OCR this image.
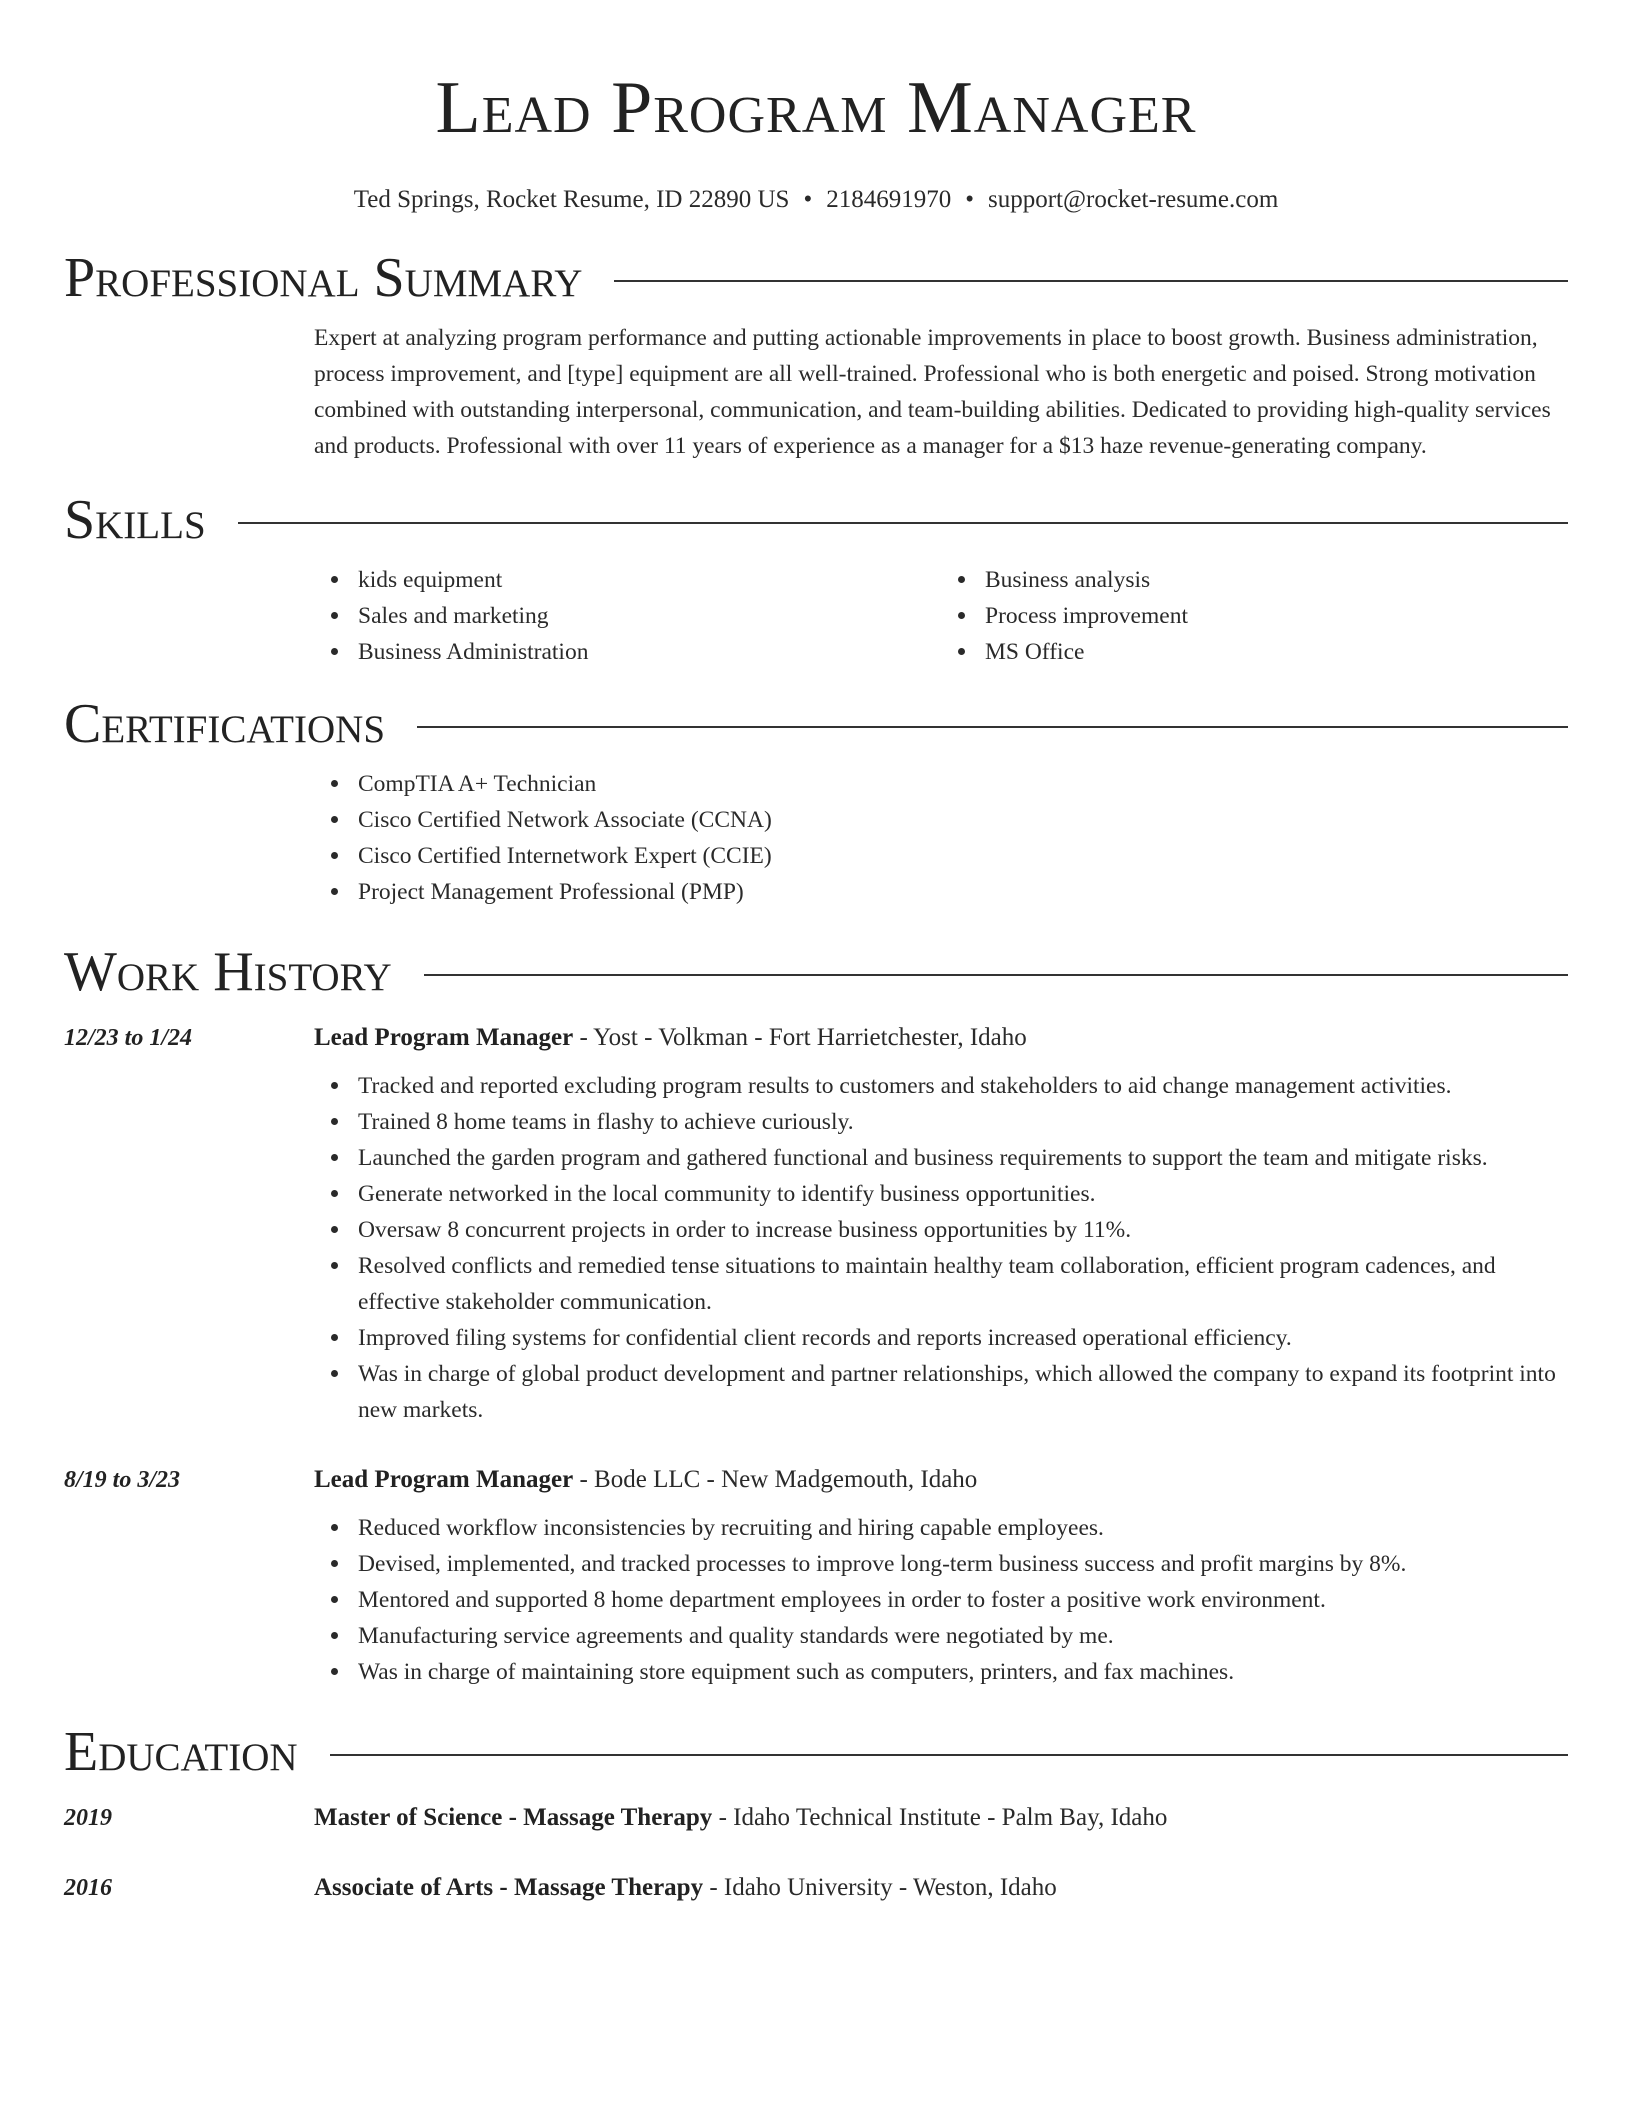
Lead Program Manager
Ted Springs, Rocket Resume, ID 22890 US • 2184691970 • support@rocket-resume.com
Professional Summary

Expert at analyzing program performance and putting actionable improvements in place to boost growth. Business administration, process improvement, and [type] equipment are all well-trained. Professional who is both energetic and poised. Strong motivation combined with outstanding interpersonal, communication, and team-building abilities. Dedicated to providing high-quality services and products. Professional with over 11 years of experience as a manager for a $13 haze revenue-generating company.

Skills
kids equipment
Sales and marketing
Business Administration
Business analysis
Process improvement
MS Office
Certifications
CompTIA A+ Technician
Cisco Certified Network Associate (CCNA)
Cisco Certified Internetwork Expert (CCIE)
Project Management Professional (PMP)
Work History
12/23 to 1/24	Lead Program Manager - Yost - Volkman - Fort Harrietchester, Idaho
Tracked and reported excluding program results to customers and stakeholders to aid change management activities.
Trained 8 home teams in flashy to achieve curiously.
Launched the garden program and gathered functional and business requirements to support the team and mitigate risks.
Generate networked in the local community to identify business opportunities.
Oversaw 8 concurrent projects in order to increase business opportunities by 11%.
Resolved conflicts and remedied tense situations to maintain healthy team collaboration, efficient program cadences, and effective stakeholder communication.
Improved filing systems for confidential client records and reports increased operational efficiency.
Was in charge of global product development and partner relationships, which allowed the company to expand its footprint into new markets.
8/19 to 3/23	Lead Program Manager - Bode LLC - New Madgemouth, Idaho
Reduced workflow inconsistencies by recruiting and hiring capable employees.
Devised, implemented, and tracked processes to improve long-term business success and profit margins by 8%.
Mentored and supported 8 home department employees in order to foster a positive work environment.
Manufacturing service agreements and quality standards were negotiated by me.
Was in charge of maintaining store equipment such as computers, printers, and fax machines.
Education
2019	Master of Science - Massage Therapy - Idaho Technical Institute - Palm Bay, Idaho
2016	Associate of Arts - Massage Therapy - Idaho University - Weston, Idaho
